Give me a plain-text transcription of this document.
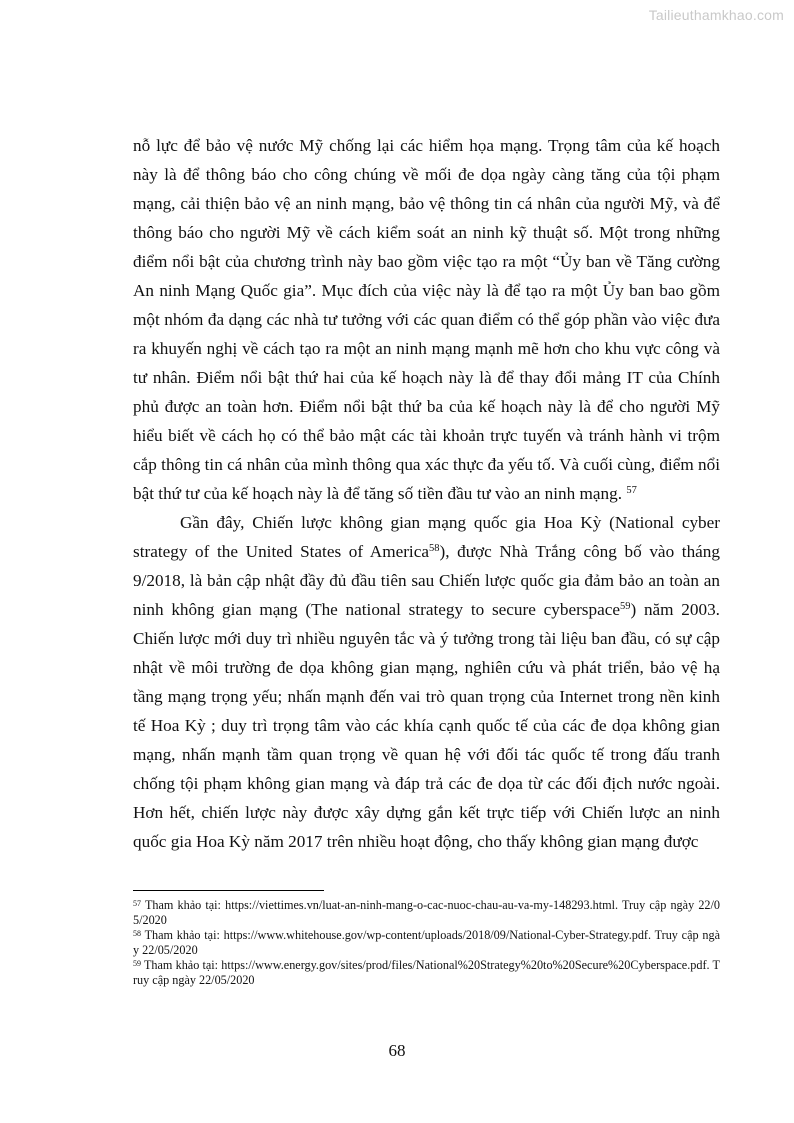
Tailieuthamkhao.com

nỗ lực để bảo vệ nước Mỹ chống lại các hiểm họa mạng. Trọng tâm của kế hoạch này là để thông báo cho công chúng về mối đe dọa ngày càng tăng của tội phạm mạng, cải thiện bảo vệ an ninh mạng, bảo vệ thông tin cá nhân của người Mỹ, và để thông báo cho người Mỹ về cách kiểm soát an ninh kỹ thuật số. Một trong những điểm nổi bật của chương trình này bao gồm việc tạo ra một “Ủy ban về Tăng cường An ninh Mạng Quốc gia”. Mục đích của việc này là để tạo ra một Ủy ban bao gồm một nhóm đa dạng các nhà tư tưởng với các quan điểm có thể góp phần vào việc đưa ra khuyến nghị về cách tạo ra một an ninh mạng mạnh mẽ hơn cho khu vực công và tư nhân. Điểm nổi bật thứ hai của kế hoạch này là để thay đổi mảng IT của Chính phủ được an toàn hơn. Điểm nổi bật thứ ba của kế hoạch này là để cho người Mỹ hiểu biết về cách họ có thể bảo mật các tài khoản trực tuyến và tránh hành vi trộm cắp thông tin cá nhân của mình thông qua xác thực đa yếu tố. Và cuối cùng, điểm nổi bật thứ tư của kế hoạch này là để tăng số tiền đầu tư vào an ninh mạng. $^{57}$

Gần đây, Chiến lược không gian mạng quốc gia Hoa Kỳ (National cyber strategy of the United States of America$^{58}$), được Nhà Trắng công bố vào tháng 9/2018, là bản cập nhật đầy đủ đầu tiên sau Chiến lược quốc gia đảm bảo an toàn an ninh không gian mạng (The national strategy to secure cyberspace$^{59}$) năm 2003. Chiến lược mới duy trì nhiều nguyên tắc và ý tưởng trong tài liệu ban đầu, có sự cập nhật về môi trường đe dọa không gian mạng, nghiên cứu và phát triển, bảo vệ hạ tầng mạng trọng yếu; nhấn mạnh đến vai trò quan trọng của Internet trong nền kinh tế Hoa Kỳ ; duy trì trọng tâm vào các khía cạnh quốc tế của các đe dọa không gian mạng, nhấn mạnh tầm quan trọng về quan hệ với đối tác quốc tế trong đấu tranh chống tội phạm không gian mạng và đáp trả các đe dọa từ các đối địch nước ngoài. Hơn hết, chiến lược này được xây dựng gắn kết trực tiếp với Chiến lược an ninh quốc gia Hoa Kỳ năm 2017 trên nhiều hoạt động, cho thấy không gian mạng được

$^{57}$ Tham khảo tại: https://viettimes.vn/luat-an-ninh-mang-o-cac-nuoc-chau-au-va-my-148293.html. Truy cập ngày 22/05/2020

$^{58}$ Tham khảo tại: https://www.whitehouse.gov/wp-content/uploads/2018/09/National-Cyber-Strategy.pdf. Truy cập ngày 22/05/2020

$^{59}$ Tham khảo tại: https://www.energy.gov/sites/prod/files/National%20Strategy%20to%20Secure%20Cyberspace.pdf. Truy cập ngày 22/05/2020

68
